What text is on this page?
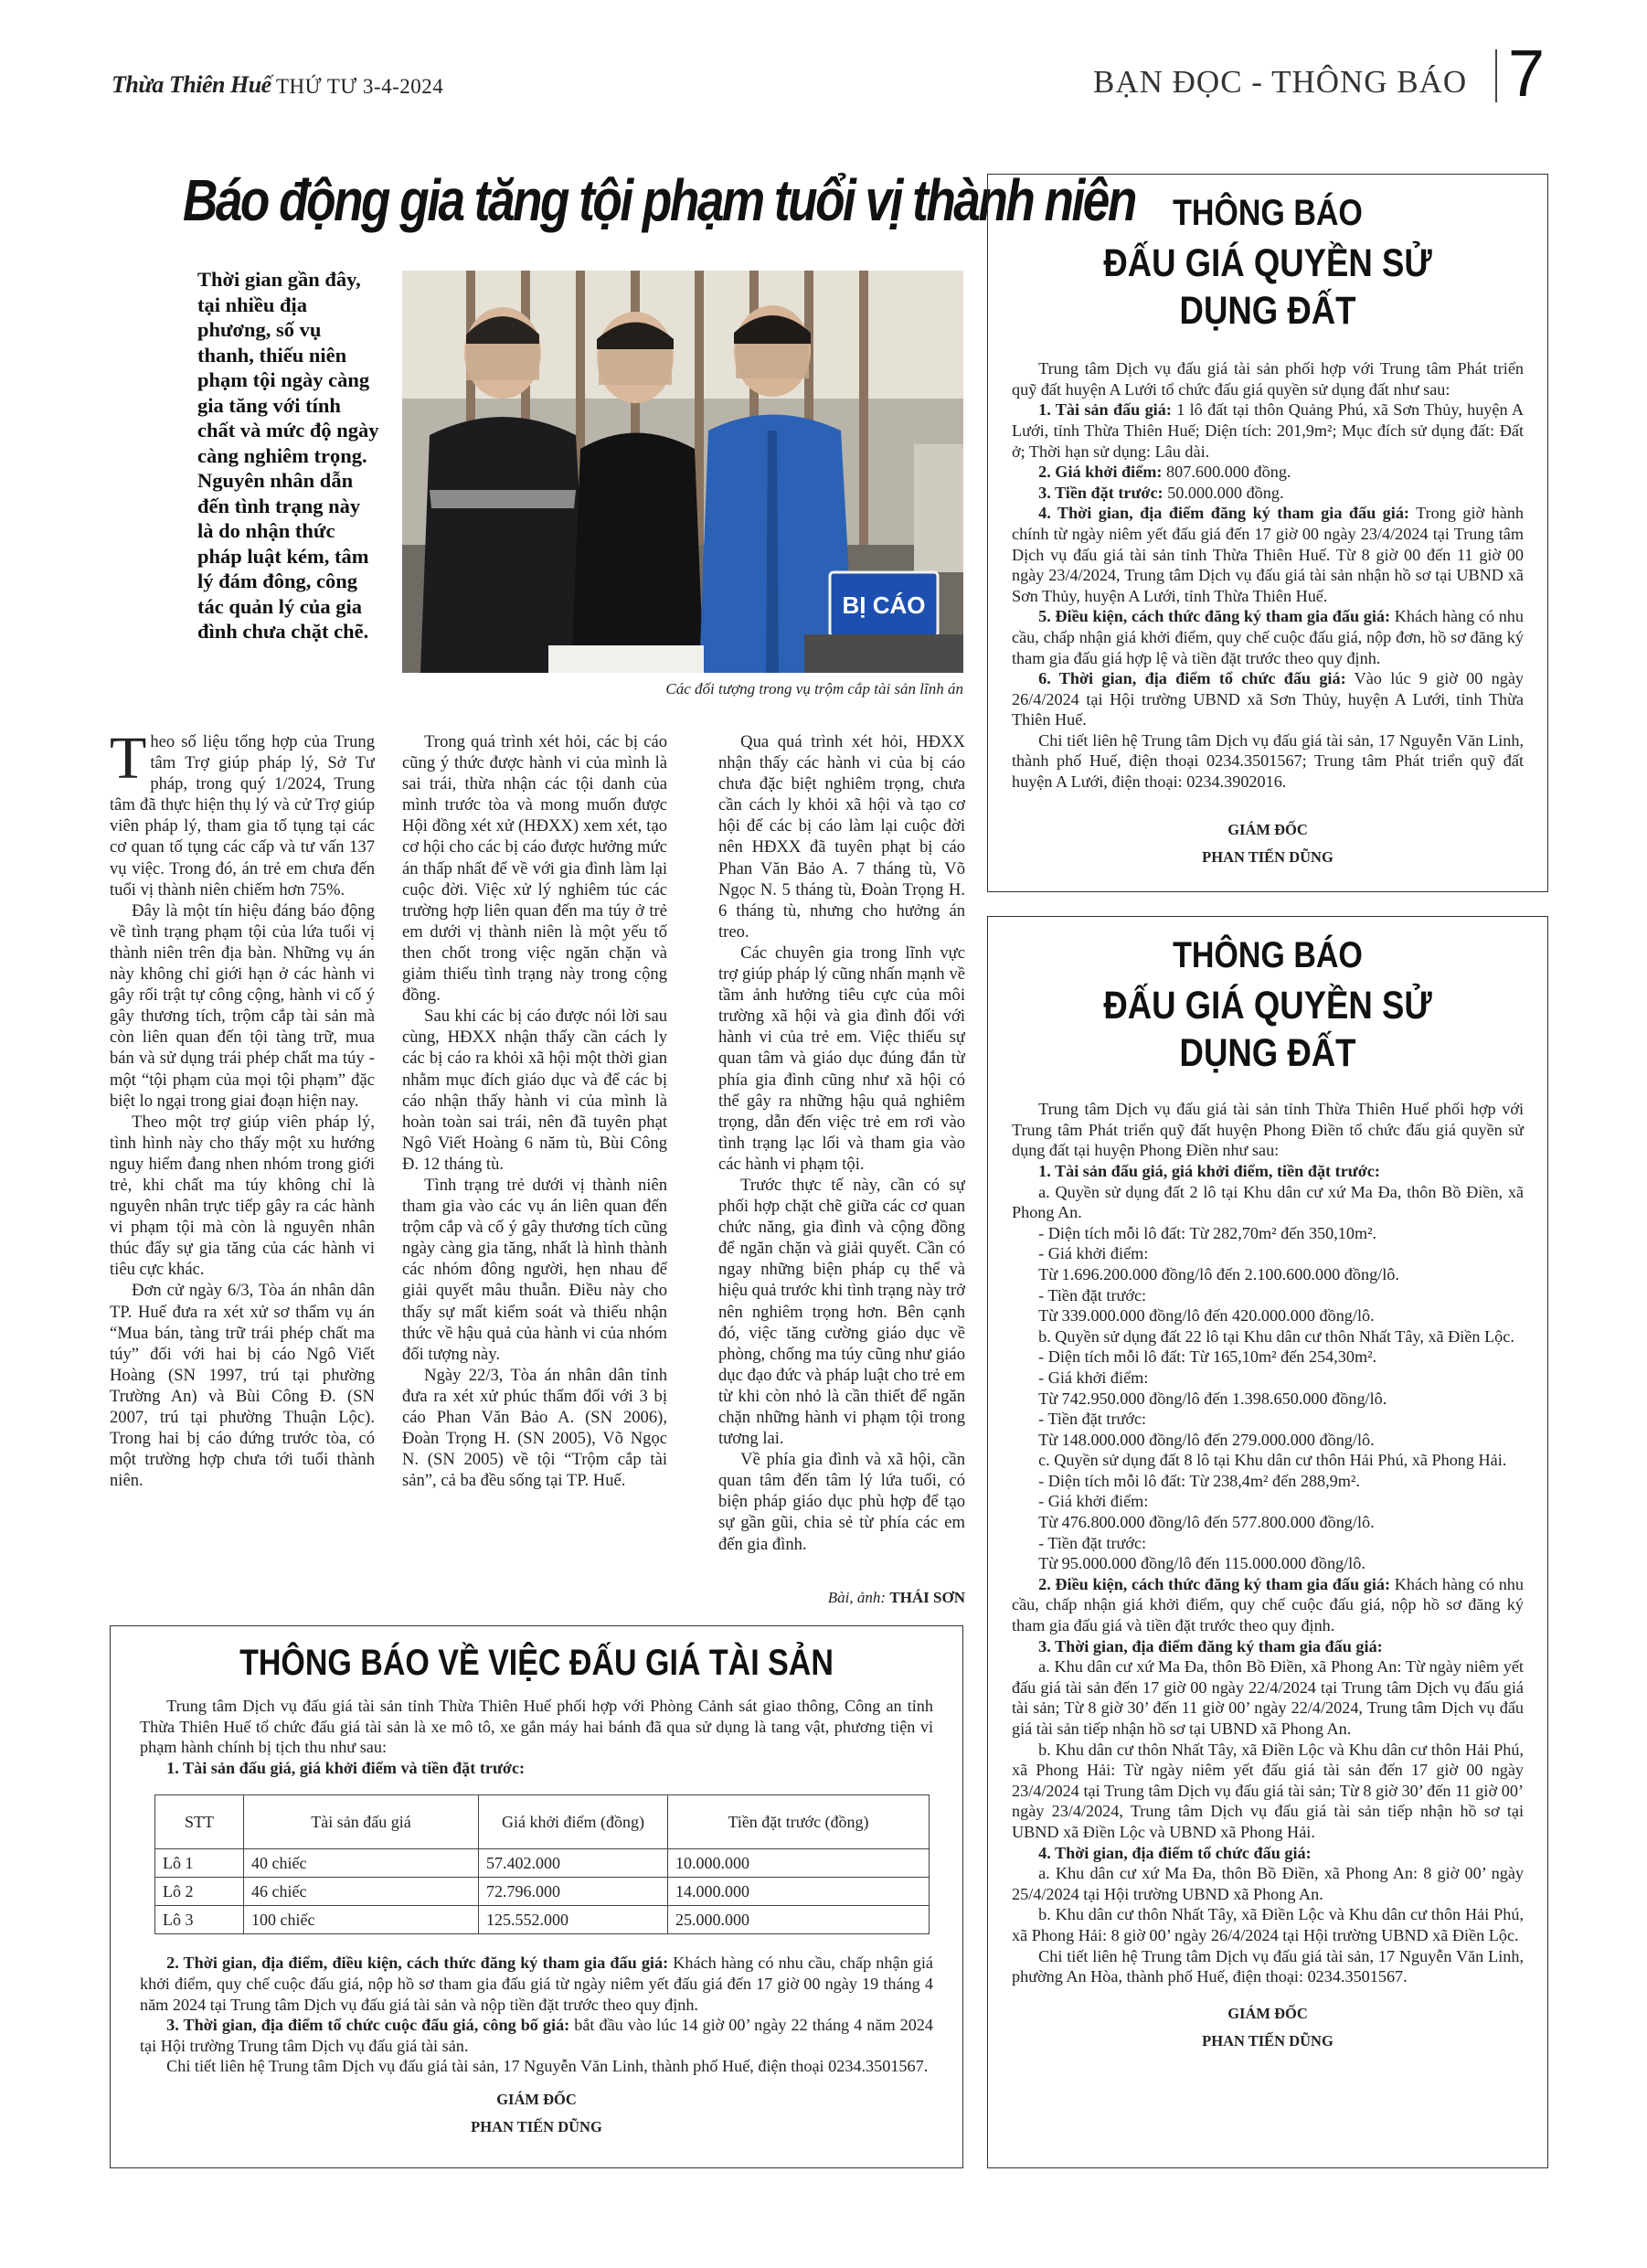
Thừa Thiên Huế THỨ TƯ 3-4-2024	BẠN ĐỌC - THÔNG BÁO 7
Báo động gia tăng tội phạm tuổi vị thành niên
Thời gian gần đây, tại nhiều địa phương, số vụ thanh, thiếu niên phạm tội ngày càng gia tăng với tính chất và mức độ ngày càng nghiêm trọng. Nguyên nhân dẫn đến tình trạng này là do nhận thức pháp luật kém, tâm lý đám đông, công tác quản lý của gia đình chưa chặt chẽ.
BỊ CÁO
Các đối tượng trong vụ trộm cắp tài sản lĩnh án
T heo số liệu tổng hợp của Trung tâm Trợ giúp pháp lý, Sở Tư pháp, trong quý 1/2024, Trung tâm đã thực hiện thụ lý và cử Trợ giúp viên pháp lý, tham gia tố tụng tại các cơ quan tố tụng các cấp và tư vấn 137 vụ việc. Trong đó, án trẻ em chưa đến tuổi vị thành niên chiếm hơn 75%.

Đây là một tín hiệu đáng báo động về tình trạng phạm tội của lứa tuổi vị thành niên trên địa bàn. Những vụ án này không chỉ giới hạn ở các hành vi gây rối trật tự công cộng, hành vi cố ý gây thương tích, trộm cắp tài sản mà còn liên quan đến tội tàng trữ, mua bán và sử dụng trái phép chất ma túy - một “tội phạm của mọi tội phạm” đặc biệt lo ngại trong giai đoạn hiện nay.

Theo một trợ giúp viên pháp lý, tình hình này cho thấy một xu hướng nguy hiểm đang nhen nhóm trong giới trẻ, khi chất ma túy không chỉ là nguyên nhân trực tiếp gây ra các hành vi phạm tội mà còn là nguyên nhân thúc đẩy sự gia tăng của các hành vi tiêu cực khác.

Đơn cử ngày 6/3, Tòa án nhân dân TP. Huế đưa ra xét xử sơ thẩm vụ án “Mua bán, tàng trữ trái phép chất ma túy” đối với hai bị cáo Ngô Viết Hoàng (SN 1997, trú tại phường Trường An) và Bùi Công Đ. (SN 2007, trú tại phường Thuận Lộc). Trong hai bị cáo đứng trước tòa, có một trường hợp chưa tới tuổi thành niên.

Trong quá trình xét hỏi, các bị cáo cũng ý thức được hành vi của mình là sai trái, thừa nhận các tội danh của mình trước tòa và mong muốn được Hội đồng xét xử (HĐXX) xem xét, tạo cơ hội cho các bị cáo được hưởng mức án thấp nhất để về với gia đình làm lại cuộc đời. Việc xử lý nghiêm túc các trường hợp liên quan đến ma túy ở trẻ em dưới vị thành niên là một yếu tố then chốt trong việc ngăn chặn và giảm thiểu tình trạng này trong cộng đồng.

Sau khi các bị cáo được nói lời sau cùng, HĐXX nhận thấy cần cách ly các bị cáo ra khỏi xã hội một thời gian nhằm mục đích giáo dục và để các bị cáo nhận thấy hành vi của mình là hoàn toàn sai trái, nên đã tuyên phạt Ngô Viết Hoàng 6 năm tù, Bùi Công Đ. 12 tháng tù.

Tình trạng trẻ dưới vị thành niên tham gia vào các vụ án liên quan đến trộm cắp và cố ý gây thương tích cũng ngày càng gia tăng, nhất là hình thành các nhóm đông người, hẹn nhau để giải quyết mâu thuẫn. Điều này cho thấy sự mất kiểm soát và thiếu nhận thức về hậu quả của hành vi của nhóm đối tượng này.

Ngày 22/3, Tòa án nhân dân tỉnh đưa ra xét xử phúc thẩm đối với 3 bị cáo Phan Văn Bảo A. (SN 2006), Đoàn Trọng H. (SN 2005), Võ Ngọc N. (SN 2005) về tội “Trộm cắp tài sản”, cả ba đều sống tại TP. Huế.

Qua quá trình xét hỏi, HĐXX nhận thấy các hành vi của bị cáo chưa đặc biệt nghiêm trọng, chưa cần cách ly khỏi xã hội và tạo cơ hội để các bị cáo làm lại cuộc đời nên HĐXX đã tuyên phạt bị cáo Phan Văn Bảo A. 7 tháng tù, Võ Ngọc N. 5 tháng tù, Đoàn Trọng H. 6 tháng tù, nhưng cho hưởng án treo.

Các chuyên gia trong lĩnh vực trợ giúp pháp lý cũng nhấn mạnh về tầm ảnh hưởng tiêu cực của môi trường xã hội và gia đình đối với hành vi của trẻ em. Việc thiếu sự quan tâm và giáo dục đúng đắn từ phía gia đình cũng như xã hội có thể gây ra những hậu quả nghiêm trọng, dẫn đến việc trẻ em rơi vào tình trạng lạc lối và tham gia vào các hành vi phạm tội.

Trước thực tế này, cần có sự phối hợp chặt chẽ giữa các cơ quan chức năng, gia đình và cộng đồng để ngăn chặn và giải quyết. Cần có ngay những biện pháp cụ thể và hiệu quả trước khi tình trạng này trở nên nghiêm trọng hơn. Bên cạnh đó, việc tăng cường giáo dục về phòng, chống ma túy cũng như giáo dục đạo đức và pháp luật cho trẻ em từ khi còn nhỏ là cần thiết để ngăn chặn những hành vi phạm tội trong tương lai.

Về phía gia đình và xã hội, cần quan tâm đến tâm lý lứa tuổi, có biện pháp giáo dục phù hợp để tạo sự gần gũi, chia sẻ từ phía các em đến gia đình.

Bài, ảnh: THÁI SƠN
THÔNG BÁO
ĐẤU GIÁ QUYỀN SỬ DỤNG ĐẤT

Trung tâm Dịch vụ đấu giá tài sản phối hợp với Trung tâm Phát triển quỹ đất huyện A Lưới tổ chức đấu giá quyền sử dụng đất như sau:

1. Tài sản đấu giá: 1 lô đất tại thôn Quảng Phú, xã Sơn Thủy, huyện A Lưới, tỉnh Thừa Thiên Huế; Diện tích: 201,9m²; Mục đích sử dụng đất: Đất ở; Thời hạn sử dụng: Lâu dài.

2. Giá khởi điểm: 807.600.000 đồng.

3. Tiền đặt trước: 50.000.000 đồng.

4. Thời gian, địa điểm đăng ký tham gia đấu giá: Trong giờ hành chính từ ngày niêm yết đấu giá đến 17 giờ 00 ngày 23/4/2024 tại Trung tâm Dịch vụ đấu giá tài sản tỉnh Thừa Thiên Huế. Từ 8 giờ 00 đến 11 giờ 00 ngày 23/4/2024, Trung tâm Dịch vụ đấu giá tài sản nhận hồ sơ tại UBND xã Sơn Thủy, huyện A Lưới, tỉnh Thừa Thiên Huế.

5. Điều kiện, cách thức đăng ký tham gia đấu giá: Khách hàng có nhu cầu, chấp nhận giá khởi điểm, quy chế cuộc đấu giá, nộp đơn, hồ sơ đăng ký tham gia đấu giá hợp lệ và tiền đặt trước theo quy định.

6. Thời gian, địa điểm tổ chức đấu giá: Vào lúc 9 giờ 00 ngày 26/4/2024 tại Hội trường UBND xã Sơn Thủy, huyện A Lưới, tỉnh Thừa Thiên Huế.

Chi tiết liên hệ Trung tâm Dịch vụ đấu giá tài sản, 17 Nguyễn Văn Linh, thành phố Huế, điện thoại 0234.3501567; Trung tâm Phát triển quỹ đất huyện A Lưới, điện thoại: 0234.3902016.

GIÁM ĐỐC
PHAN TIẾN DŨNG
THÔNG BÁO
ĐẤU GIÁ QUYỀN SỬ DỤNG ĐẤT

Trung tâm Dịch vụ đấu giá tài sản tỉnh Thừa Thiên Huế phối hợp với Trung tâm Phát triển quỹ đất huyện Phong Điền tổ chức đấu giá quyền sử dụng đất tại huyện Phong Điền như sau:

1. Tài sản đấu giá, giá khởi điểm, tiền đặt trước:

a. Quyền sử dụng đất 2 lô tại Khu dân cư xứ Ma Đa, thôn Bồ Điền, xã Phong An.

- Diện tích mỗi lô đất: Từ 282,70m² đến 350,10m².

- Giá khởi điểm:

Từ 1.696.200.000 đồng/lô đến 2.100.600.000 đồng/lô.

- Tiền đặt trước:

Từ 339.000.000 đồng/lô đến 420.000.000 đồng/lô.

b. Quyền sử dụng đất 22 lô tại Khu dân cư thôn Nhất Tây, xã Điền Lộc.

- Diện tích mỗi lô đất: Từ 165,10m² đến 254,30m².

- Giá khởi điểm:

Từ 742.950.000 đồng/lô đến 1.398.650.000 đồng/lô.

- Tiền đặt trước:

Từ 148.000.000 đồng/lô đến 279.000.000 đồng/lô.

c. Quyền sử dụng đất 8 lô tại Khu dân cư thôn Hải Phú, xã Phong Hải.

- Diện tích mỗi lô đất: Từ 238,4m² đến 288,9m².

- Giá khởi điểm:

Từ 476.800.000 đồng/lô đến 577.800.000 đồng/lô.

- Tiền đặt trước:

Từ 95.000.000 đồng/lô đến 115.000.000 đồng/lô.

2. Điều kiện, cách thức đăng ký tham gia đấu giá: Khách hàng có nhu cầu, chấp nhận giá khởi điểm, quy chế cuộc đấu giá, nộp hồ sơ đăng ký tham gia đấu giá và tiền đặt trước theo quy định.

3. Thời gian, địa điểm đăng ký tham gia đấu giá:

a. Khu dân cư xứ Ma Đa, thôn Bồ Điền, xã Phong An: Từ ngày niêm yết đấu giá tài sản đến 17 giờ 00 ngày 22/4/2024 tại Trung tâm Dịch vụ đấu giá tài sản; Từ 8 giờ 30’ đến 11 giờ 00’ ngày 22/4/2024, Trung tâm Dịch vụ đấu giá tài sản tiếp nhận hồ sơ tại UBND xã Phong An.

b. Khu dân cư thôn Nhất Tây, xã Điền Lộc và Khu dân cư thôn Hải Phú, xã Phong Hải: Từ ngày niêm yết đấu giá tài sản đến 17 giờ 00 ngày 23/4/2024 tại Trung tâm Dịch vụ đấu giá tài sản; Từ 8 giờ 30’ đến 11 giờ 00’ ngày 23/4/2024, Trung tâm Dịch vụ đấu giá tài sản tiếp nhận hồ sơ tại UBND xã Điền Lộc và UBND xã Phong Hải.

4. Thời gian, địa điểm tổ chức đấu giá:

a. Khu dân cư xứ Ma Đa, thôn Bồ Điền, xã Phong An: 8 giờ 00’ ngày 25/4/2024 tại Hội trường UBND xã Phong An.

b. Khu dân cư thôn Nhất Tây, xã Điền Lộc và Khu dân cư thôn Hải Phú, xã Phong Hải: 8 giờ 00’ ngày 26/4/2024 tại Hội trường UBND xã Điền Lộc.

Chi tiết liên hệ Trung tâm Dịch vụ đấu giá tài sản, 17 Nguyễn Văn Linh, phường An Hòa, thành phố Huế, điện thoại: 0234.3501567.

GIÁM ĐỐC
PHAN TIẾN DŨNG
THÔNG BÁO VỀ VIỆC ĐẤU GIÁ TÀI SẢN

Trung tâm Dịch vụ đấu giá tài sản tỉnh Thừa Thiên Huế phối hợp với Phòng Cảnh sát giao thông, Công an tỉnh Thừa Thiên Huế tổ chức đấu giá tài sản là xe mô tô, xe gắn máy hai bánh đã qua sử dụng là tang vật, phương tiện vi phạm hành chính bị tịch thu như sau:

1. Tài sản đấu giá, giá khởi điểm và tiền đặt trước:

STT	Tài sản đấu giá	Giá khởi điểm (đồng)	Tiền đặt trước (đồng)
Lô 1	40 chiếc	57.402.000	10.000.000
Lô 2	46 chiếc	72.796.000	14.000.000
Lô 3	100 chiếc	125.552.000	25.000.000

2. Thời gian, địa điểm, điều kiện, cách thức đăng ký tham gia đấu giá: Khách hàng có nhu cầu, chấp nhận giá khởi điểm, quy chế cuộc đấu giá, nộp hồ sơ tham gia đấu giá từ ngày niêm yết đấu giá đến 17 giờ 00 ngày 19 tháng 4 năm 2024 tại Trung tâm Dịch vụ đấu giá tài sản và nộp tiền đặt trước theo quy định.

3. Thời gian, địa điểm tổ chức cuộc đấu giá, công bố giá: bắt đầu vào lúc 14 giờ 00’ ngày 22 tháng 4 năm 2024 tại Hội trường Trung tâm Dịch vụ đấu giá tài sản.

Chi tiết liên hệ Trung tâm Dịch vụ đấu giá tài sản, 17 Nguyễn Văn Linh, thành phố Huế, điện thoại 0234.3501567.

GIÁM ĐỐC
PHAN TIẾN DŨNG
